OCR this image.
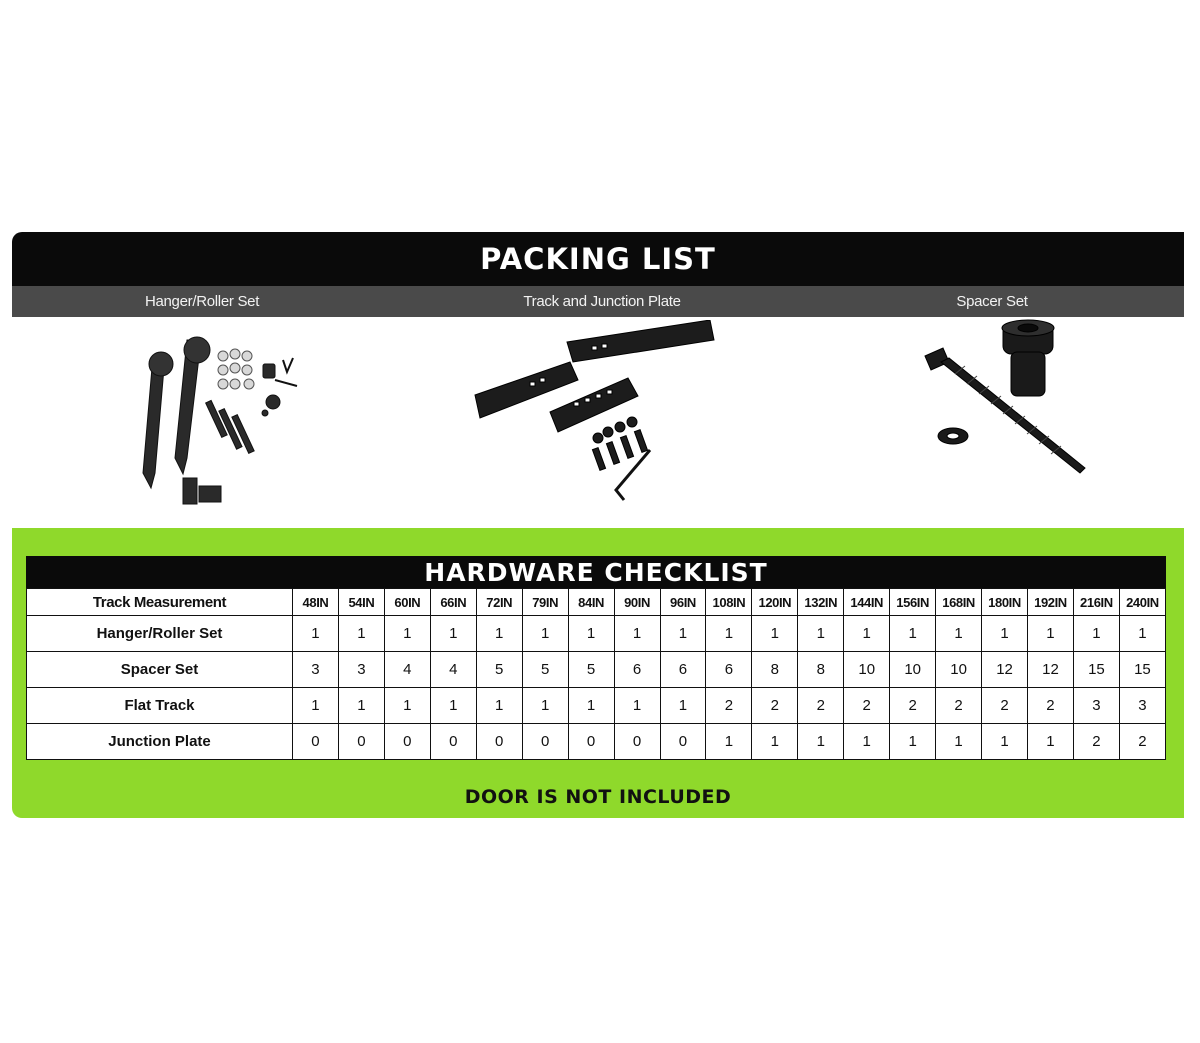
PACKING LIST
Hanger/Roller Set	Track and Junction Plate	Spacer Set
HARDWARE CHECKLIST
Track Measurement	48IN	54IN	60IN	66IN	72IN	79IN	84IN	90IN	96IN	108IN	120IN	132IN	144IN	156IN	168IN	180IN	192IN	216IN	240IN
Hanger/Roller Set	1	1	1	1	1	1	1	1	1	1	1	1	1	1	1	1	1	1	1
Spacer Set	3	3	4	4	5	5	5	6	6	6	8	8	10	10	10	12	12	15	15
Flat Track	1	1	1	1	1	1	1	1	1	2	2	2	2	2	2	2	2	3	3
Junction Plate	0	0	0	0	0	0	0	0	0	1	1	1	1	1	1	1	1	2	2
DOOR IS NOT INCLUDED
